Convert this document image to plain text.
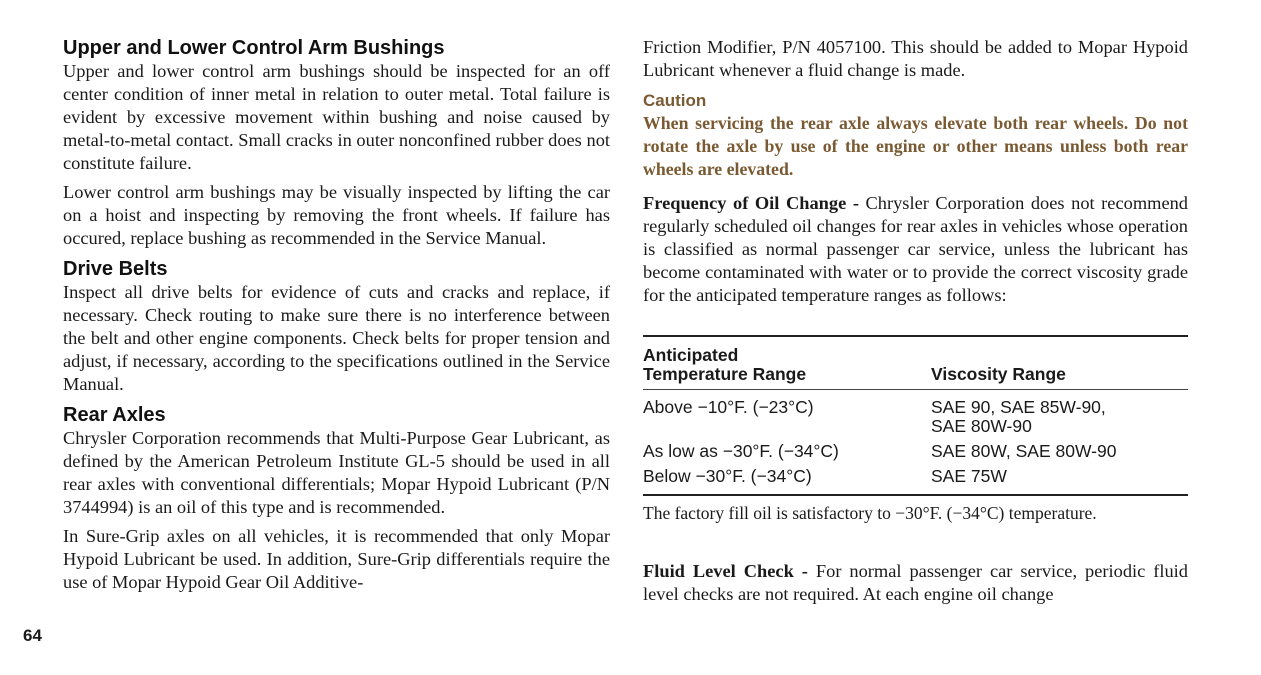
64
Upper and Lower Control Arm Bushings

Upper and lower control arm bushings should be inspected for an off center condition of inner metal in relation to outer metal. Total failure is evident by excessive movement within bushing and noise caused by metal-to-metal contact. Small cracks in outer nonconfined rubber does not constitute failure.

Lower control arm bushings may be visually inspected by lifting the car on a hoist and inspecting by removing the front wheels. If failure has occured, replace bushing as recommended in the Service Manual.

Drive Belts

Inspect all drive belts for evidence of cuts and cracks and replace, if necessary. Check routing to make sure there is no interference between the belt and other engine components. Check belts for proper tension and adjust, if necessary, according to the specifications outlined in the Service Manual.

Rear Axles

Chrysler Corporation recommends that Multi-Purpose Gear Lubricant, as defined by the American Petroleum Institute GL-5 should be used in all rear axles with conventional differentials; Mopar Hypoid Lubricant (P/N 3744994) is an oil of this type and is recommended.

In Sure-Grip axles on all vehicles, it is recommended that only Mopar Hypoid Lubricant be used. In addition, Sure-Grip differentials require the use of Mopar Hypoid Gear Oil Additive-

Friction Modifier, P/N 4057100. This should be added to Mopar Hypoid Lubricant whenever a fluid change is made.

Caution

When servicing the rear axle always elevate both rear wheels. Do not rotate the axle by use of the engine or other means unless both rear wheels are elevated.

Frequency of Oil Change - Chrysler Corporation does not recommend regularly scheduled oil changes for rear axles in vehicles whose operation is classified as normal passenger car service, unless the lubricant has become contaminated with water or to provide the correct viscosity grade for the anticipated temperature ranges as follows:

Anticipated
Temperature Range	Viscosity Range
Above −10°F. (−23°C)	SAE 90, SAE 85W-90,
SAE 80W-90
As low as −30°F. (−34°C)	SAE 80W, SAE 80W-90
Below −30°F. (−34°C)	SAE 75W
The factory fill oil is satisfactory to −30°F. (−34°C) temperature.

Fluid Level Check - For normal passenger car service, periodic fluid level checks are not required. At each engine oil change
